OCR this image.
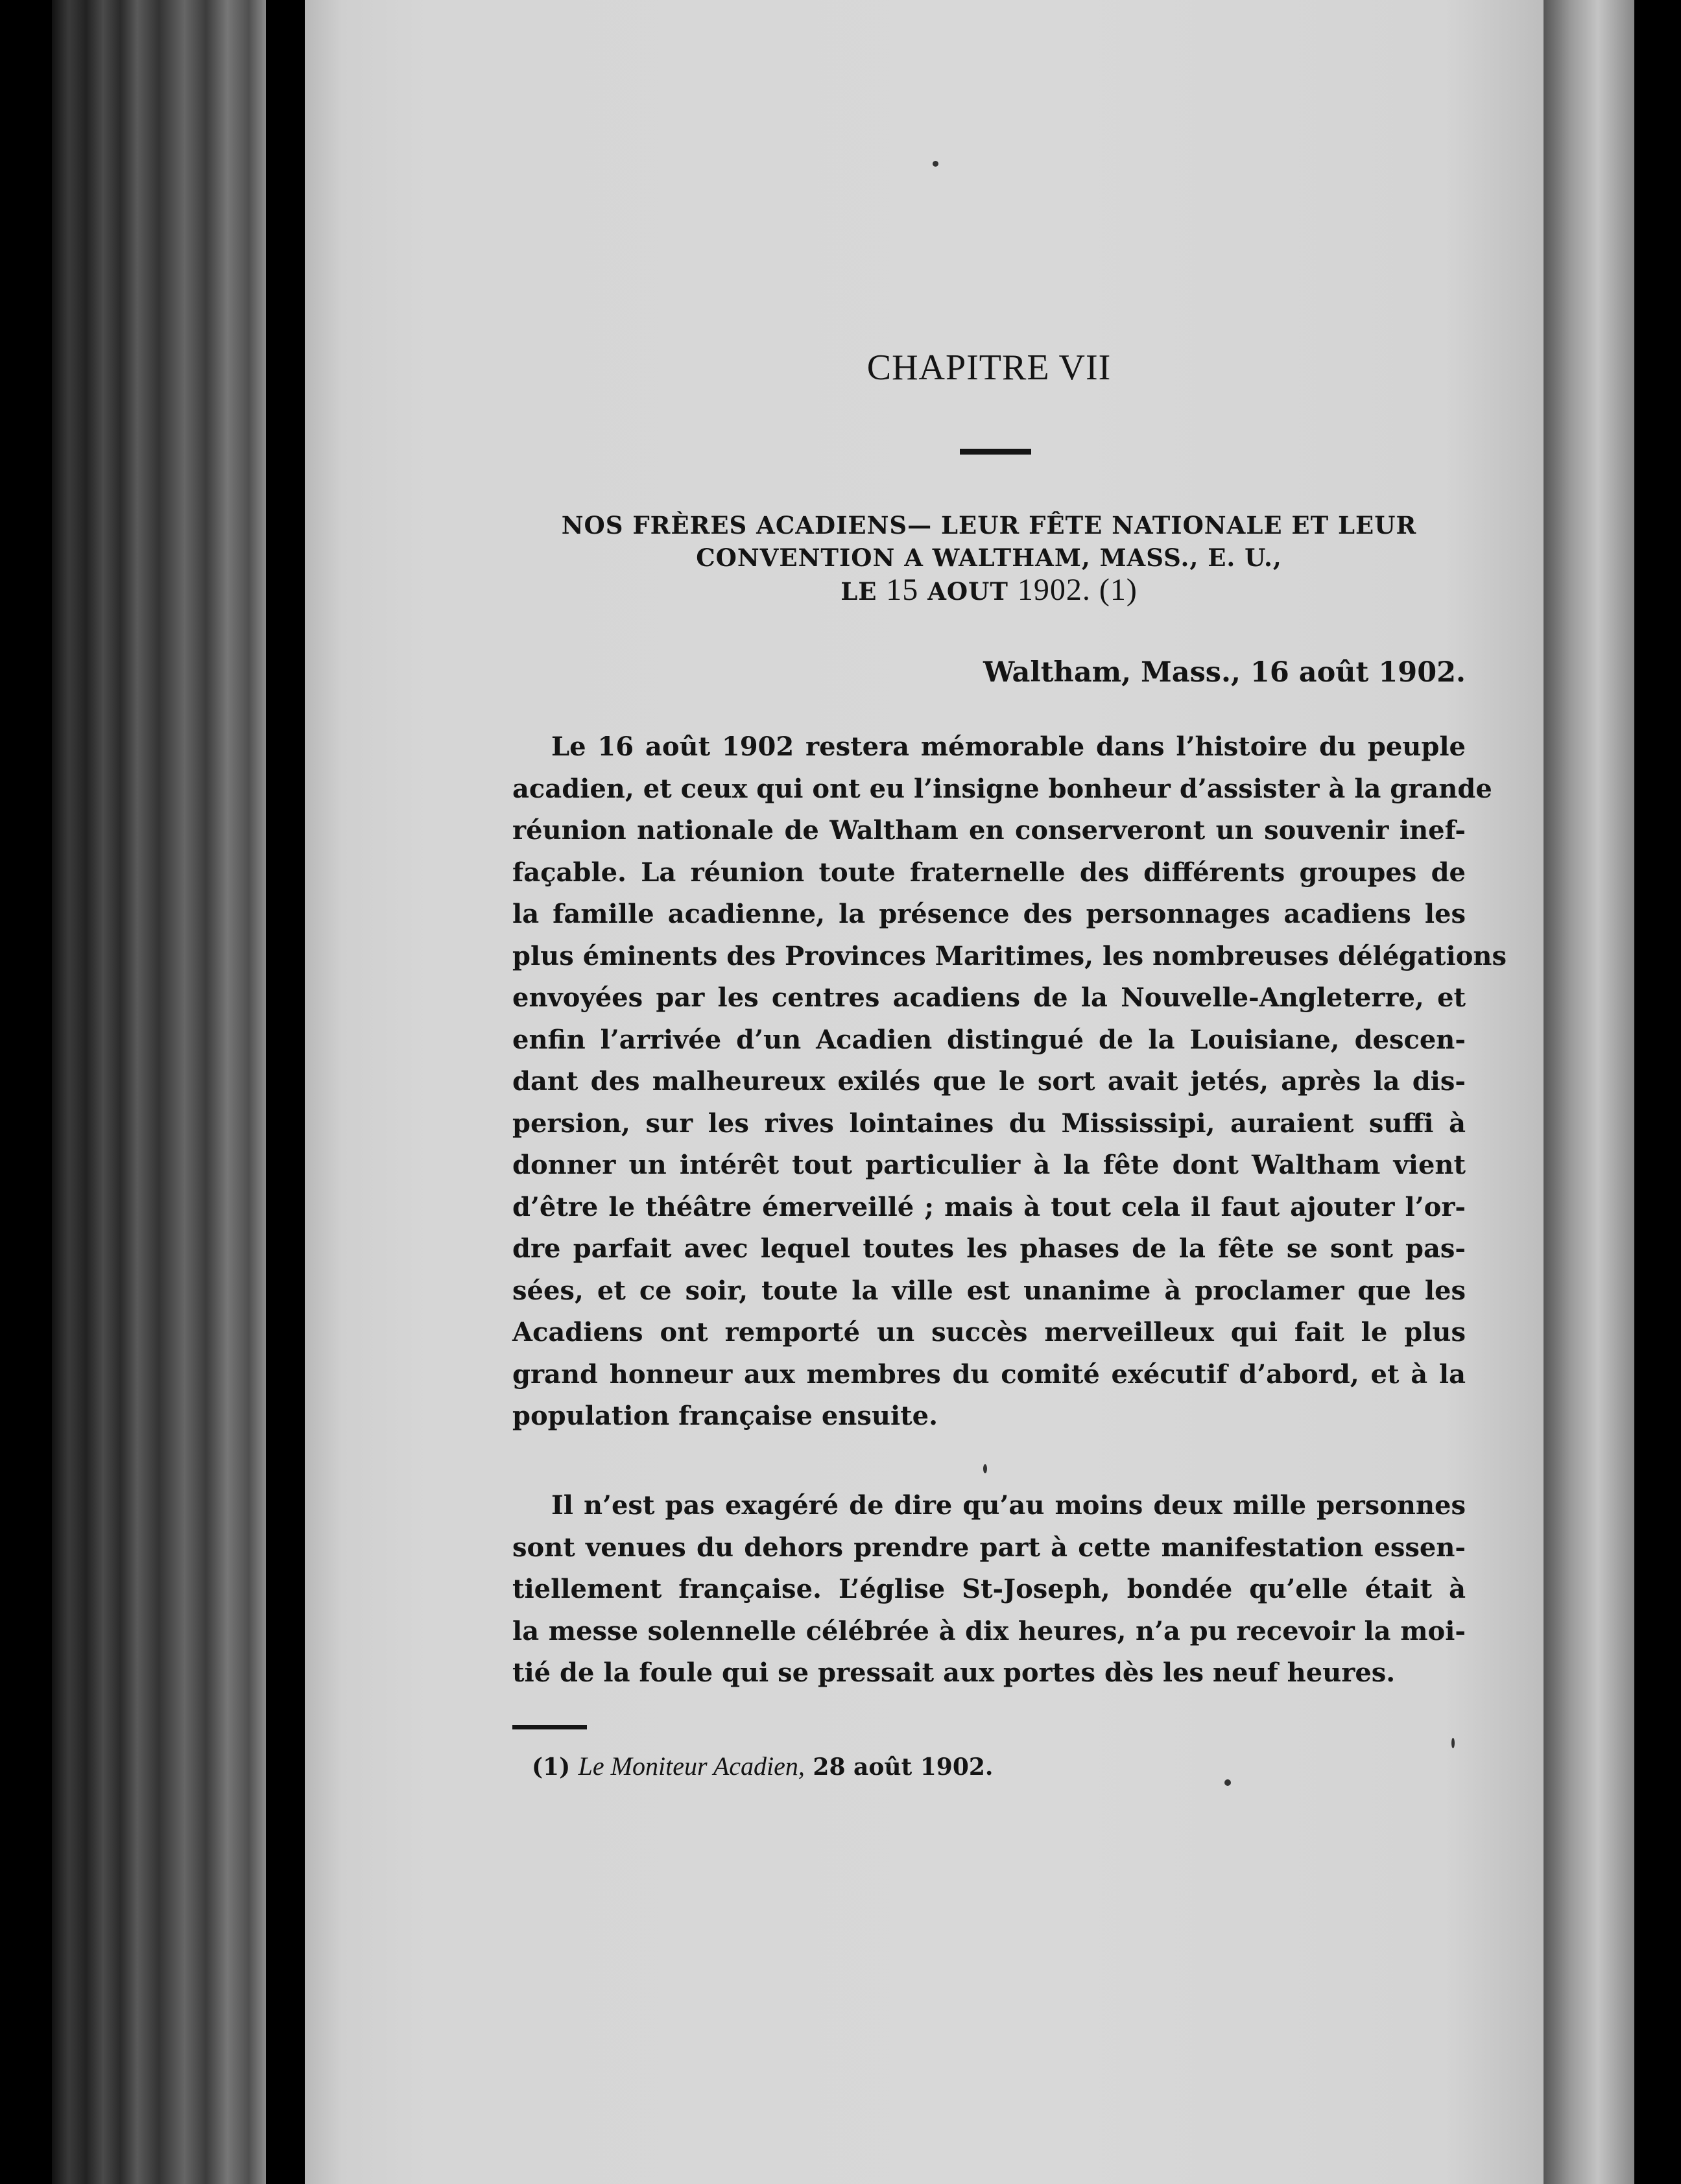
CHAPITRE VII
NOS FRÈRES ACADIENS— LEUR FÊTE NATIONALE ET LEUR
CONVENTION A WALTHAM, MASS., E. U.,
LE 15 AOUT 1902. (1)
Waltham, Mass., 16 août 1902.
Le 16 août 1902 restera mémorable dans l’histoire du peuple
acadien, et ceux qui ont eu l’insigne bonheur d’assister à la grande
réunion nationale de Waltham en conserveront un souvenir inef-
façable. La réunion toute fraternelle des différents groupes de
la famille acadienne, la présence des personnages acadiens les
plus éminents des Provinces Maritimes, les nombreuses délégations
envoyées par les centres acadiens de la Nouvelle-Angleterre, et
enfin l’arrivée d’un Acadien distingué de la Louisiane, descen-
dant des malheureux exilés que le sort avait jetés, après la dis-
persion, sur les rives lointaines du Mississipi, auraient suffi à
donner un intérêt tout particulier à la fête dont Waltham vient
d’être le théâtre émerveillé ; mais à tout cela il faut ajouter l’or-
dre parfait avec lequel toutes les phases de la fête se sont pas-
sées, et ce soir, toute la ville est unanime à proclamer que les
Acadiens ont remporté un succès merveilleux qui fait le plus
grand honneur aux membres du comité exécutif d’abord, et à la
population française ensuite.
Il n’est pas exagéré de dire qu’au moins deux mille personnes
sont venues du dehors prendre part à cette manifestation essen-
tiellement française. L’église St-Joseph, bondée qu’elle était à
la messe solennelle célébrée à dix heures, n’a pu recevoir la moi-
tié de la foule qui se pressait aux portes dès les neuf heures.
(1) Le Moniteur Acadien, 28 août 1902.
